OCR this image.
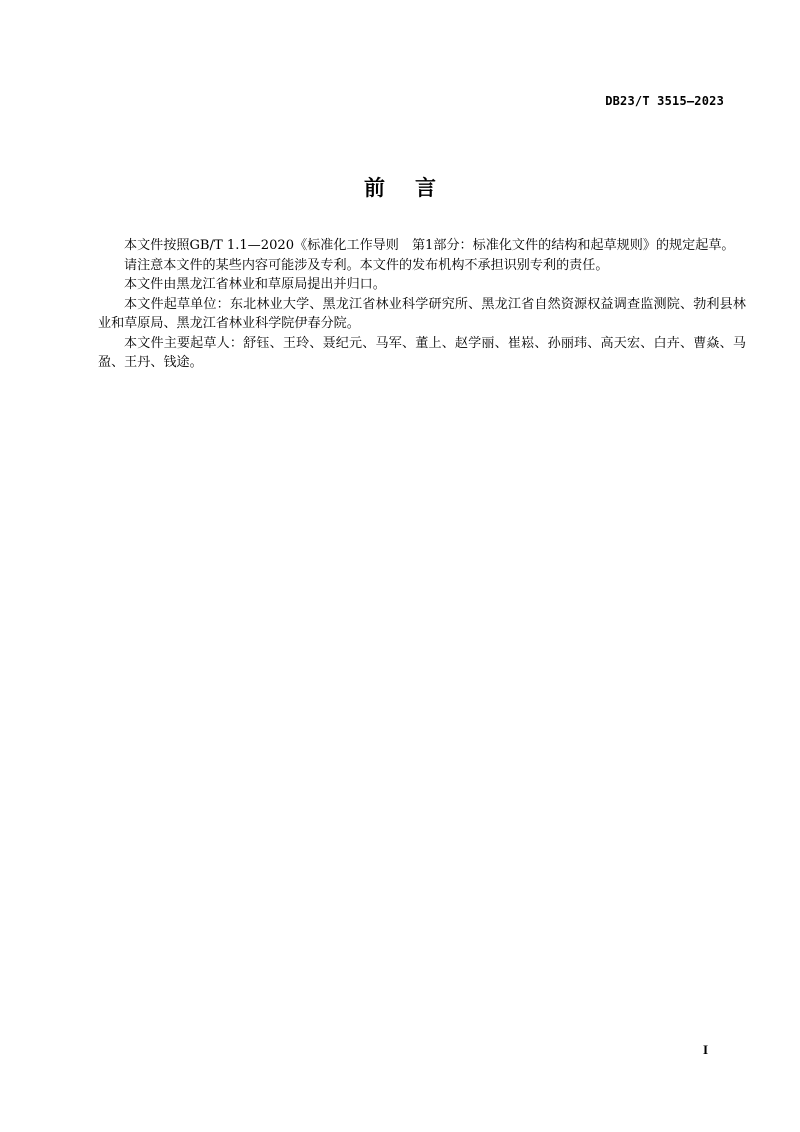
DB23/T 3515—2023
前言

本文件按照GB/T 1.1—2020《标准化工作导则　第1部分：标准化文件的结构和起草规则》的规定起草。

请注意本文件的某些内容可能涉及专利。本文件的发布机构不承担识别专利的责任。

本文件由黑龙江省林业和草原局提出并归口。

本文件起草单位：东北林业大学、黑龙江省林业科学研究所、黑龙江省自然资源权益调查监测院、勃利县林业和草原局、黑龙江省林业科学院伊春分院。

本文件主要起草人：舒钰、王玲、聂纪元、马军、董上、赵学丽、崔崧、孙丽玮、高天宏、白卉、曹焱、马盈、王丹、钱途。

I
